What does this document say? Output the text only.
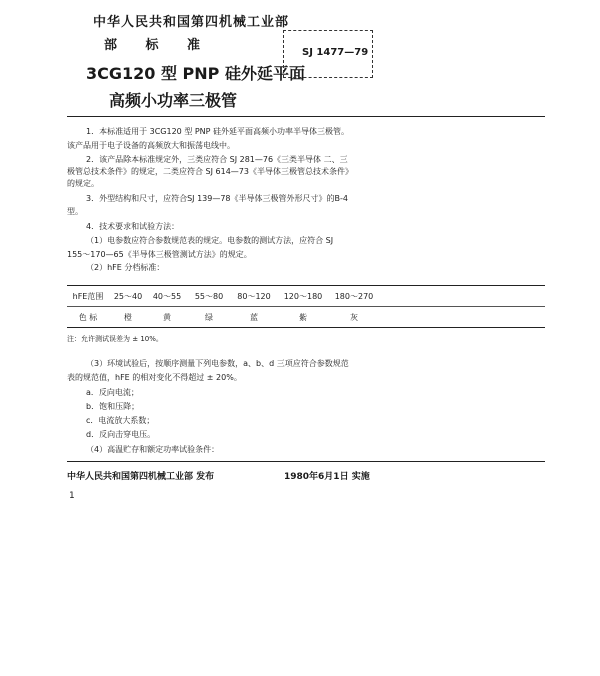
中华人民共和国第四机械工业部
部 标 准
3CG120 型 PNP 硅外延平面
高频小功率三极管
SJ 1477—79
1．本标准适用于 3CG120 型 PNP 硅外延平面高频小功率半导体三极管。
该产品用于电子设备的高频放大和振荡电线中。
2．该产品除本标准规定外，三类应符合 SJ 281—76《三类半导体 二、三
极管总技术条件》的规定，二类应符合 SJ 614—73《半导体三极管总技术条件》
的规定。
3．外型结构和尺寸，应符合SJ 139—78《半导体三极管外形尺寸》的B-4
型。
4．技术要求和试验方法：
（1）电参数应符合参数规范表的规定。电参数的测试方法，应符合 SJ
155～170—65《半导体三极管测试方法》的规定。
（2）hFE 分档标准：
hFE范围	25～40	40～55	55～80	80～120	120～180	180～270	
色 标	橙	黄	绿	蓝	紫	灰	
注：允许测试误差为 ± 10%。
（3）环境试验后，按顺序测量下列电参数，a、b、d 三项应符合参数规范
表的规范值，hFE 的相对变化不得超过 ± 20%。
a．反向电流；
b．饱和压降；
c．电流放大系数；
d．反向击穿电压。
（4）高温贮存和额定功率试验条件：
中华人民共和国第四机械工业部 发布	1980年6月1日 实施
1
